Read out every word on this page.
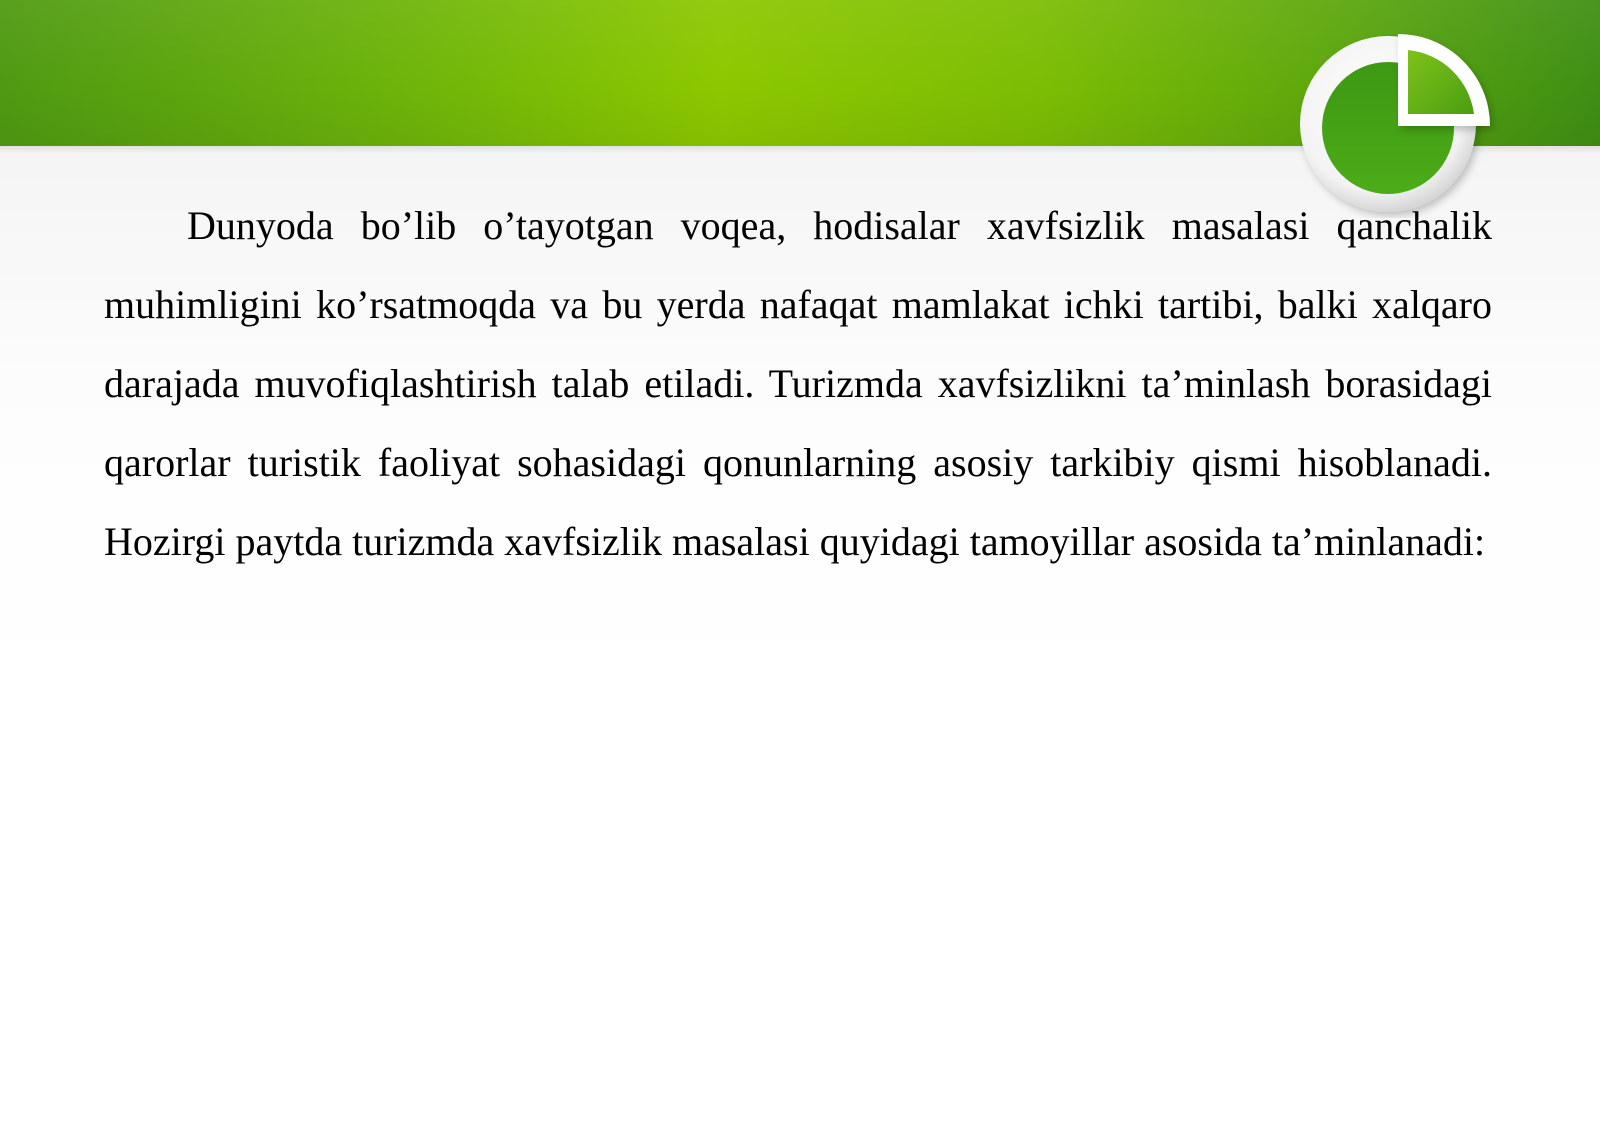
Dunyoda bo’lib o’tayotgan voqea, hodisalar xavfsizlik masalasi qanchalik muhimligini ko’rsatmoqda va bu yerda nafaqat mamlakat ichki tartibi, balki xalqaro darajada muvofiqlashtirish talab etiladi. Turizmda xavfsizlikni ta’minlash borasidagi qarorlar turistik faoliyat sohasidagi qonunlarning asosiy tarkibiy qismi hisoblanadi. Hozirgi paytda turizmda xavfsizlik masalasi quyidagi tamoyillar asosida ta’minlanadi:
